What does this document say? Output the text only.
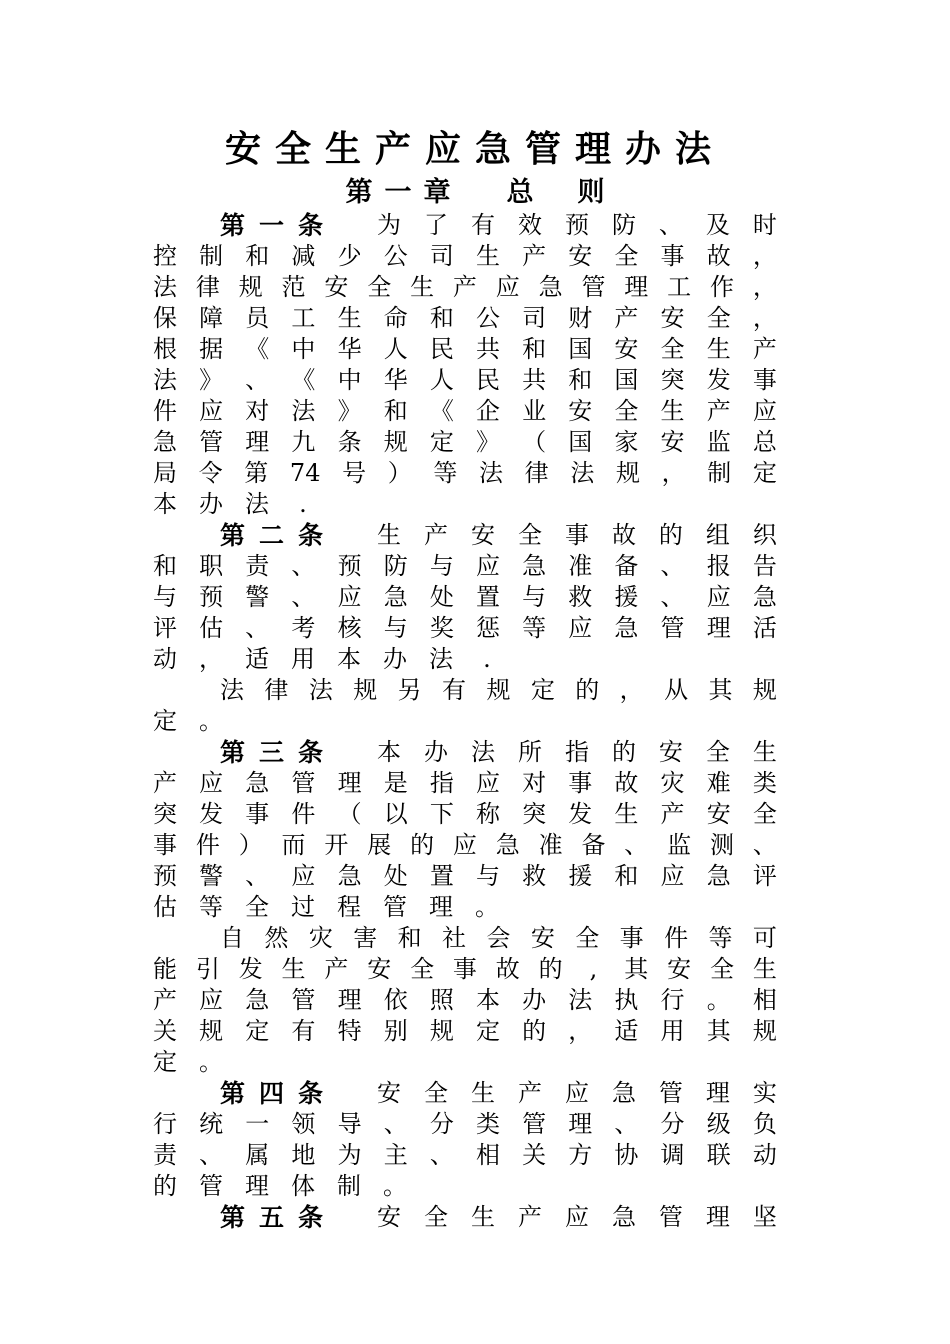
安全生产应急管理办法
第一章 总 则
第一条 为 了 有 效 预 防 、 及 时
控 制 和 减 少 公 司 生 产 安 全 事 故 ，
法 律 规 范 安 全 生 产 应 急 管 理 工 作 ，
保 障 员 工 生 命 和 公 司 财 产 安 全 ，
根 据 《 中 华 人 民 共 和 国 安 全 生 产
法 》 、 《 中 华 人 民 共 和 国 突 发 事
件 应 对 法 》 和 《 企 业 安 全 生 产 应
急 管 理 九 条 规 定 》 （ 国 家 安 监 总
局 令 第 74 号 ） 等 法 律 法 规 ， 制 定
本 办 法	.
第二条 生 产 安 全 事 故 的 组 织
和 职 责 、 预 防 与 应 急 准 备 、 报 告
与 预 警 、 应 急 处 置 与 救 援 、 应 急
评 估 、 考 核 与 奖 惩 等 应 急 管 理 活
动 ， 适 用 本 办 法	.
法 律 法 规 另 有 规 定 的 ， 从 其 规
定 。
第三条 本 办 法 所 指 的 安 全 生
产 应 急 管 理 是 指 应 对 事 故 灾 难 类
突 发 事 件 （ 以 下 称 突 发 生 产 安 全
事 件 ） 而 开 展 的 应 急 准 备 、 监 测 、
预 警 、 应 急 处 置 与 救 援 和 应 急 评
估 等 全 过 程 管 理 。
自 然 灾 害 和 社 会 安 全 事 件 等 可
能 引 发 生 产 安 全 事 故 的	,	其 安 全 生
产 应 急 管 理 依 照 本 办 法 执 行 。 相
关 规 定 有 特 别 规 定 的 ， 适 用 其 规
定 。
第四条 安 全 生 产 应 急 管 理 实
行 统 一 领 导 、 分 类 管 理 、 分 级 负
责 、 属 地 为 主 、 相 关 方 协 调 联 动
的 管 理 体 制 。
第五条 安 全 生 产 应 急 管 理 坚
